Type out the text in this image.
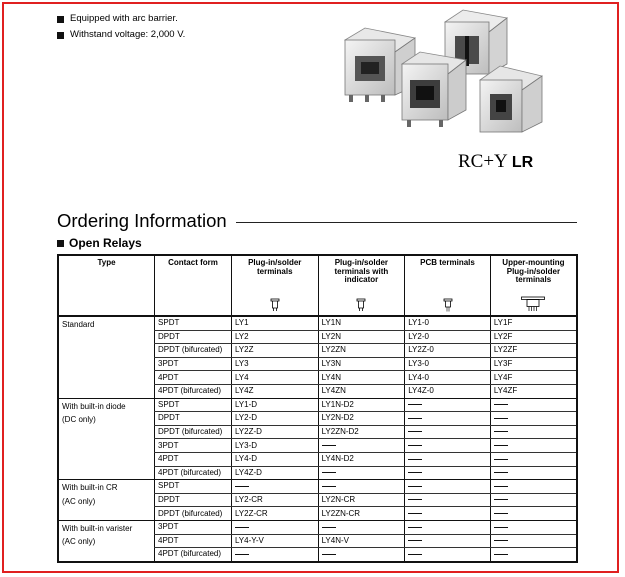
Equipped with arc barrier.
Withstand voltage: 2,000 V.
RC+Y LR
Ordering Information
Open Relays
Type	Contact form	Plug-in/solder terminals	Plug-in/solder terminals with indicator	PCB terminals	Upper-mounting Plug-in/solder terminals

Standard	SPDT	LY1	LY1N	LY1-0	LY1F
	DPDT	LY2	LY2N	LY2-0	LY2F
	DPDT (bifurcated)	LY2Z	LY2ZN	LY2Z-0	LY2ZF
	3PDT	LY3	LY3N	LY3-0	LY3F
	4PDT	LY4	LY4N	LY4-0	LY4F
	4PDT (bifurcated)	LY4Z	LY4ZN	LY4Z-0	LY4ZF

With built-in diode
(DC only)	SPDT	LY1-D	LY1N-D2		
	DPDT	LY2-D	LY2N-D2		
	DPDT (bifurcated)	LY2Z-D	LY2ZN-D2		
	3PDT	LY3-D			
	4PDT	LY4-D	LY4N-D2		
	4PDT (bifurcated)	LY4Z-D			

With built-in CR
(AC only)	SPDT				
	DPDT	LY2-CR	LY2N-CR		
	DPDT (bifurcated)	LY2Z-CR	LY2ZN-CR		

With built-in varister
(AC only)	3PDT				
	4PDT	LY4-Y-V	LY4N-V		
	4PDT (bifurcated)				
